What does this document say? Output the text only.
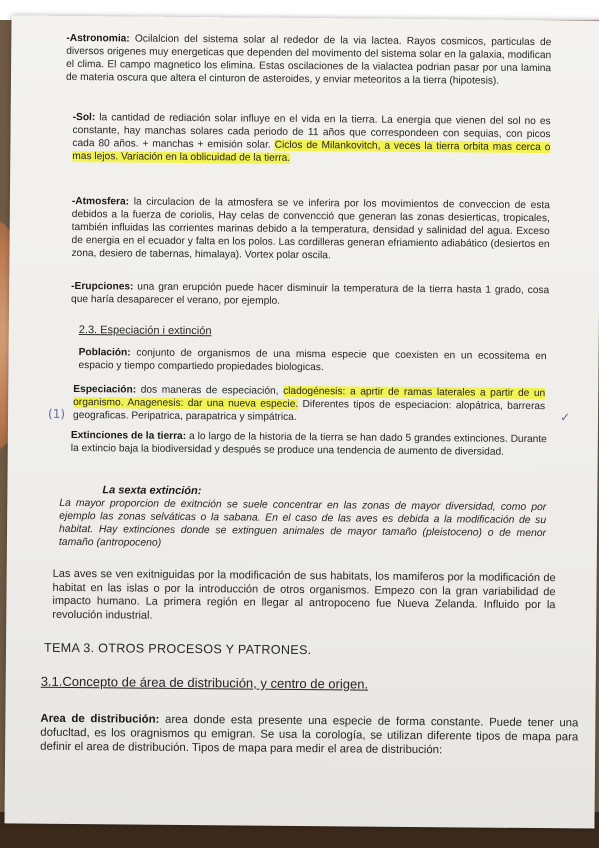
-Astronomia: Ocilalcion del sistema solar al rededor de la via lactea. Rayos cosmicos, particulas de diversos origenes muy energeticas que dependen del movimento del sistema solar en la galaxia, modifican el clima. El campo magnetico los elimina. Estas oscilaciones de la vialactea podrian pasar por una lamina de materia oscura que altera el cinturon de asteroides, y enviar meteoritos a la tierra (hipotesis).

-Sol: la cantidad de rediación solar influye en el vida en la tierra. La energia que vienen del sol no es constante, hay manchas solares cada periodo de 11 años que correspondeen con sequias, con picos cada 80 años. + manchas + emisión solar. Ciclos de Milankovitch, a veces la tierra orbita mas cerca o mas lejos. Variación en la oblicuidad de la tierra.

-Atmosfera: la circulacion de la atmosfera se ve inferira por los movimientos de conveccion de esta debidos a la fuerza de coriolis, Hay celas de convencció que generan las zonas desierticas, tropicales, también influidas las corrientes marinas debido a la temperatura, densidad y salinidad del agua. Exceso de energia en el ecuador y falta en los polos. Las cordilleras generan efriamiento adiabático (desiertos en zona, desiero de tabernas, himalaya). Vortex polar oscila.

-Erupciones: una gran erupción puede hacer disminuir la temperatura de la tierra hasta 1 grado, cosa que haría desaparecer el verano, por ejemplo.

2.3. Especiación i extinción

Población: conjunto de organismos de una misma especie que coexisten en un ecossitema en espacio y tiempo compartiedo propiedades biologicas.

Especiación: dos maneras de especiación, cladogénesis: a aprtir de ramas laterales a partir de un organismo. Anagenesis: dar una nueva especie. Diferentes tipos de especiacion: alopátrica, barreras geograficas. Peripatrica, parapatrica y simpátrica.

(1)	✓

Extinciones de la tierra: a lo largo de la historia de la tierra se han dado 5 grandes extinciones. Durante la extincio baja la biodiversidad y después se produce una tendencia de aumento de diversidad.

La sexta extinción:

La mayor proporcion de exitnción se suele concentrar en las zonas de mayor diversidad, como por ejemplo las zonas selváticas o la sabana. En el caso de las aves es debida a la modificación de su habitat. Hay extinciones donde se extinguen animales de mayor tamaño (pleistoceno) o de menor tamaño (antropoceno)

Las aves se ven exitniguidas por la modificación de sus habitats, los mamiferos por la modificación de habitat en las islas o por la introducción de otros organismos. Empezo con la gran variabilidad de impacto humano. La primera región en llegar al antropoceno fue Nueva Zelanda. Influido por la revolución industrial.

TEMA 3. OTROS PROCESOS Y PATRONES.

3.1.Concepto de área de distribución, y centro de origen.

Area de distribución: area donde esta presente una especie de forma constante. Puede tener una dofucltad, es los oragnismos qu emigran. Se usa la corología, se utilizan diferente tipos de mapa para definir el area de distribución. Tipos de mapa para medir el area de distribución:
